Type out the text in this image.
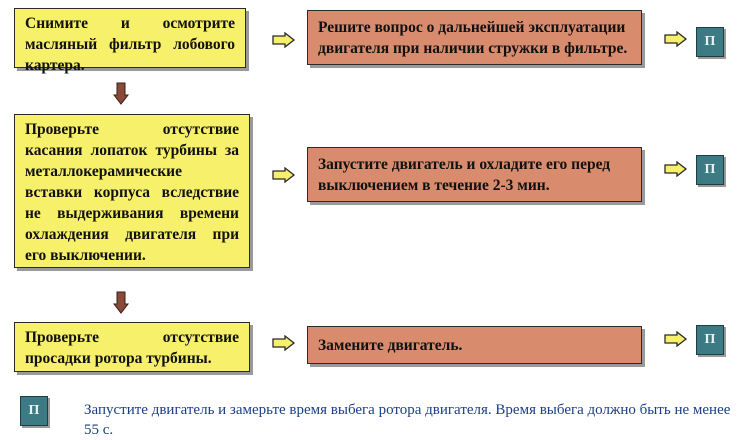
Снимите и осмотрите масляный фильтр лобового картера.
Решите вопрос о дальнейшей эксплуатации двигателя при наличии стружки в фильтре.	П
Проверьте отсутствие касания лопаток турбины за металлокерамические вставки корпуса вследствие не выдерживания времени охлаждения двигателя при его выключении.
Запустите двигатель и охладите его перед выключением в течение 2-3 мин.
П
Проверьте отсутствие просадки ротора турбины.
Замените двигатель.	П
П	Запустите двигатель и замерьте время выбега ротора двигателя. Время выбега должно быть не менее 55 с.
